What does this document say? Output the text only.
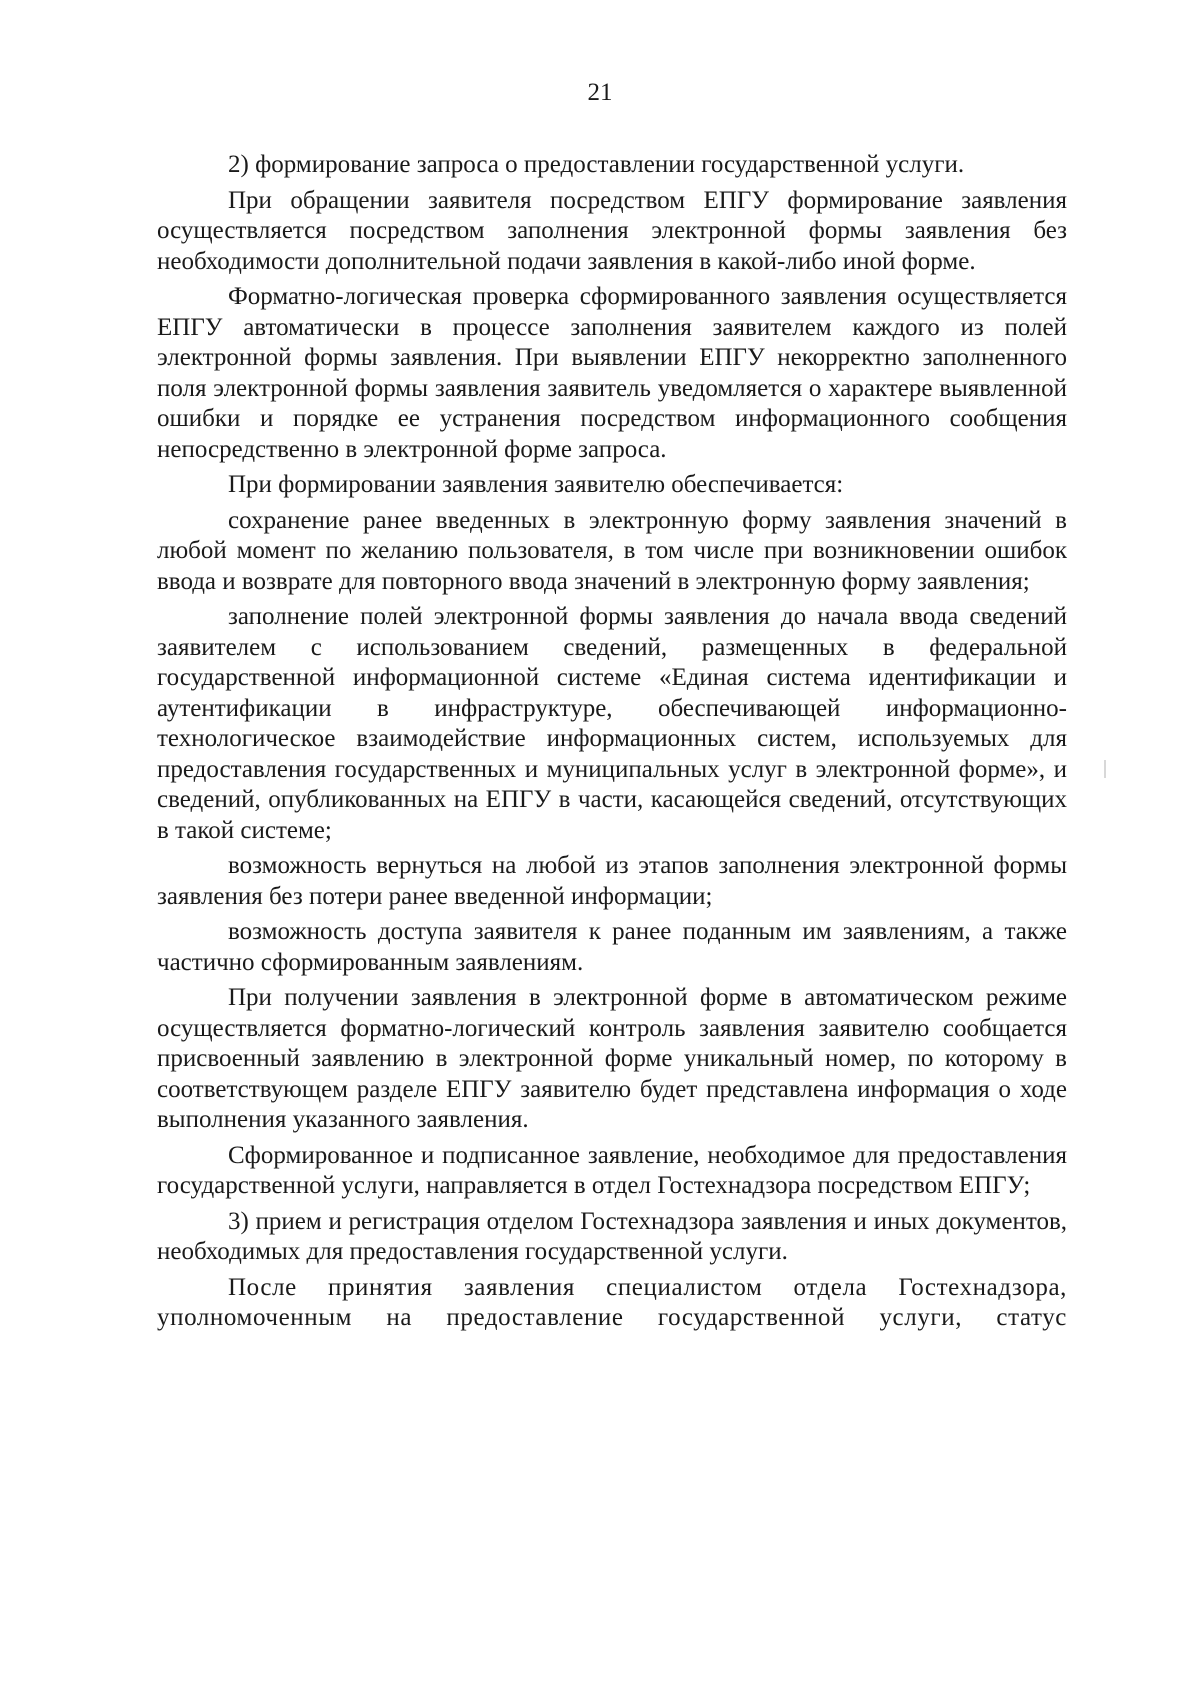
21

2) формирование запроса о предоставлении государственной услуги.

При обращении заявителя посредством ЕПГУ формирование заявления осуществляется посредством заполнения электронной формы заявления без необходимости дополнительной подачи заявления в какой-либо иной форме.

Форматно-логическая проверка сформированного заявления осуществляется ЕПГУ автоматически в процессе заполнения заявителем каждого из полей электронной формы заявления. При выявлении ЕПГУ некорректно заполненного поля электронной формы заявления заявитель уведомляется о характере выявленной ошибки и порядке ее устранения посредством информационного сообщения непосредственно в электронной форме запроса.

При формировании заявления заявителю обеспечивается:

сохранение ранее введенных в электронную форму заявления значений в любой момент по желанию пользователя, в том числе при возникновении ошибок ввода и возврате для повторного ввода значений в электронную форму заявления;

заполнение полей электронной формы заявления до начала ввода сведений заявителем с использованием сведений, размещенных в федеральной государственной информационной системе «Единая система идентификации и аутентификации в инфраструктуре, обеспечивающей информационно-технологическое взаимодействие информационных систем, используемых для предоставления государственных и муниципальных услуг в электронной форме», и сведений, опубликованных на ЕПГУ в части, касающейся сведений, отсутствующих в такой системе;

возможность вернуться на любой из этапов заполнения электронной формы заявления без потери ранее введенной информации;

возможность доступа заявителя к ранее поданным им заявлениям, а также частично сформированным заявлениям.

При получении заявления в электронной форме в автоматическом режиме осуществляется форматно-логический контроль заявления заявителю сообщается присвоенный заявлению в электронной форме уникальный номер, по которому в соответствующем разделе ЕПГУ заявителю будет представлена информация о ходе выполнения указанного заявления.

Сформированное и подписанное заявление, необходимое для предоставления государственной услуги, направляется в отдел Гостехнадзора посредством ЕПГУ;

3) прием и регистрация отделом Гостехнадзора заявления и иных документов, необходимых для предоставления государственной услуги.

После принятия заявления специалистом отдела Гостехнадзора, уполномоченным на предоставление государственной услуги, статус
